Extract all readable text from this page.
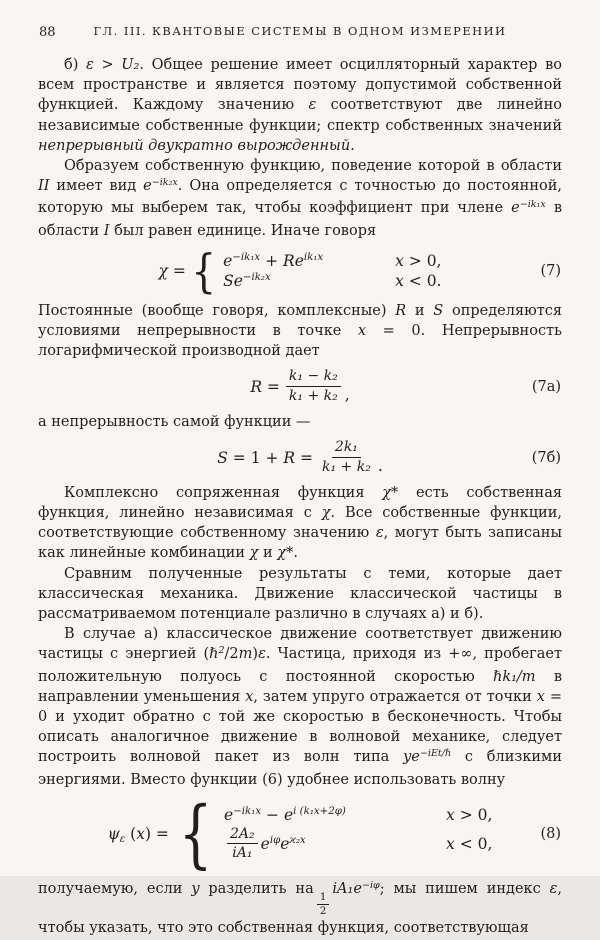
88	ГЛ. III. КВАНТОВЫЕ СИСТЕМЫ В ОДНОМ ИЗМЕРЕНИИ

б) ε > U₂. Общее решение имеет осцилляторный характер во всем пространстве и является поэтому допустимой собственной функцией. Каждому значению ε соответствуют две линейно независимые собственные функции; спектр собственных значений непрерывный двукратно вырожденный.

Образуем собственную функцию, поведение которой в области II имеет вид $e^{-ik_2x}$. Она определяется с точностью до постоянной, которую мы выберем так, чтобы коэффициент при члене $e^{-ik_1x}$ в области I был равен единице. Иначе говоря

χ = { $e^{-ik_1x} + Re^{ik_1x}$	x > 0,
$Se^{-ik_2x}$	x < 0.
(7)

Постоянные (вообще говоря, комплексные) R и S определяются условиями непрерывности в точке x = 0. Непрерывность логарифмической производной дает

$R = \frac{\text{k₁ − k₂}}{\text{k₁ + k₂}}$ ,	(7а)

а непрерывность самой функции —

$S = 1 + R = \frac{\text{2k₁}}{\text{k₁ + k₂}}$ .	(7б)

Комплексно сопряженная функция χ* есть собственная функция, линейно независимая с χ. Все собственные функции, соответствующие собственному значению ε, могут быть записаны как линейные комбинации χ и χ*.

Сравним полученные результаты с теми, которые дает классическая механика. Движение классической частицы в рассматриваемом потенциале различно в случаях а) и б).

В случае а) классическое движение соответствует движению частицы с энергией (ℏ$^2$/2m)ε. Частица, приходя из +∞, пробегает положительную полуось с постоянной скоростью ℏk₁/m в направлении уменьшения x, затем упруго отражается от точки x = 0 и уходит обратно с той же скоростью в бесконечность. Чтобы описать аналогичное движение в волновой механике, следует построить волновой пакет из волн типа $ye^{-iEt/\hbar}$ с близкими энергиями. Вместо функции (6) удобнее использовать волну

ψε (x) = { $e^{-ik_1x} - e^{i (k_1x+2\varphi)}$	x > 0,
$\frac{\text{2A₂}}{\text{iA₁}} e^{i\varphi}e^{ϰ_2x}$	x < 0,
(8)

получаемую, если y разделить на
$\frac{1}{2}$
$iA_1e^{-i\varphi}$; мы пишем индекс ε, чтобы указать, что это собственная функция, соответствующая
